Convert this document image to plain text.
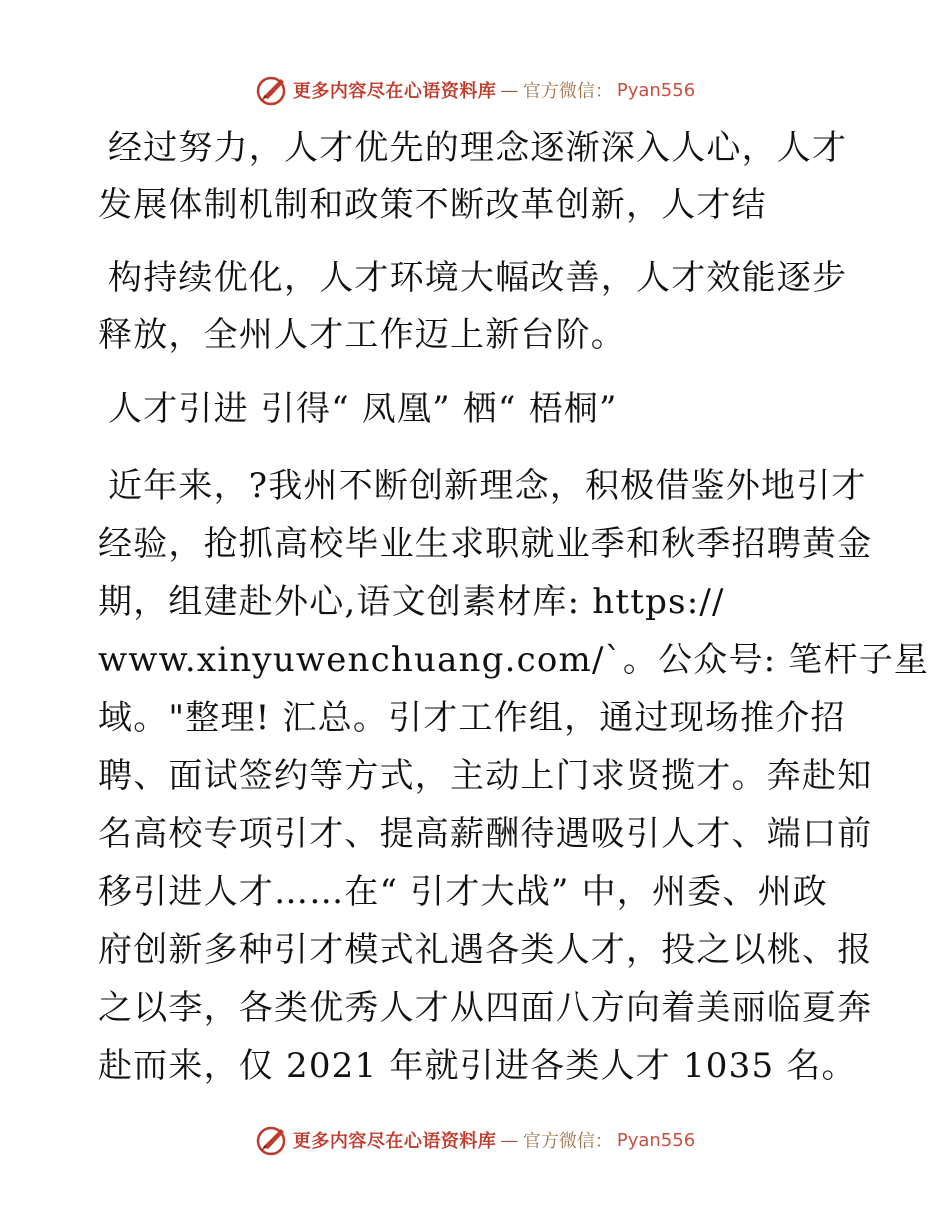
更多内容尽在心语资料库 — 官方微信： Pyan556
经过努力，人才优先的理念逐渐深入人心，人才
发展体制机制和政策不断改革创新，人才结
构持续优化，人才环境大幅改善，人才效能逐步
释放，全州人才工作迈上新台阶。
人才引进 引得“ 凤凰” 栖“ 梧桐”
近年来，?我州不断创新理念，积极借鉴外地引才
经验，抢抓高校毕业生求职就业季和秋季招聘黄金
期，组建赴外心,语文创素材库: https://
www.xinyuwenchuang.com/`。公众号: 笔杆子星
域。"整理! 汇总。引才工作组，通过现场推介招
聘、面试签约等方式，主动上门求贤揽才。奔赴知
名高校专项引才、提高薪酬待遇吸引人才、端口前
移引进人才……在“ 引才大战” 中，州委、州政
府创新多种引才模式礼遇各类人才，投之以桃、报
之以李，各类优秀人才从四面八方向着美丽临夏奔
赴而来，仅 2021 年就引进各类人才 1035 名。
更多内容尽在心语资料库 — 官方微信： Pyan556
